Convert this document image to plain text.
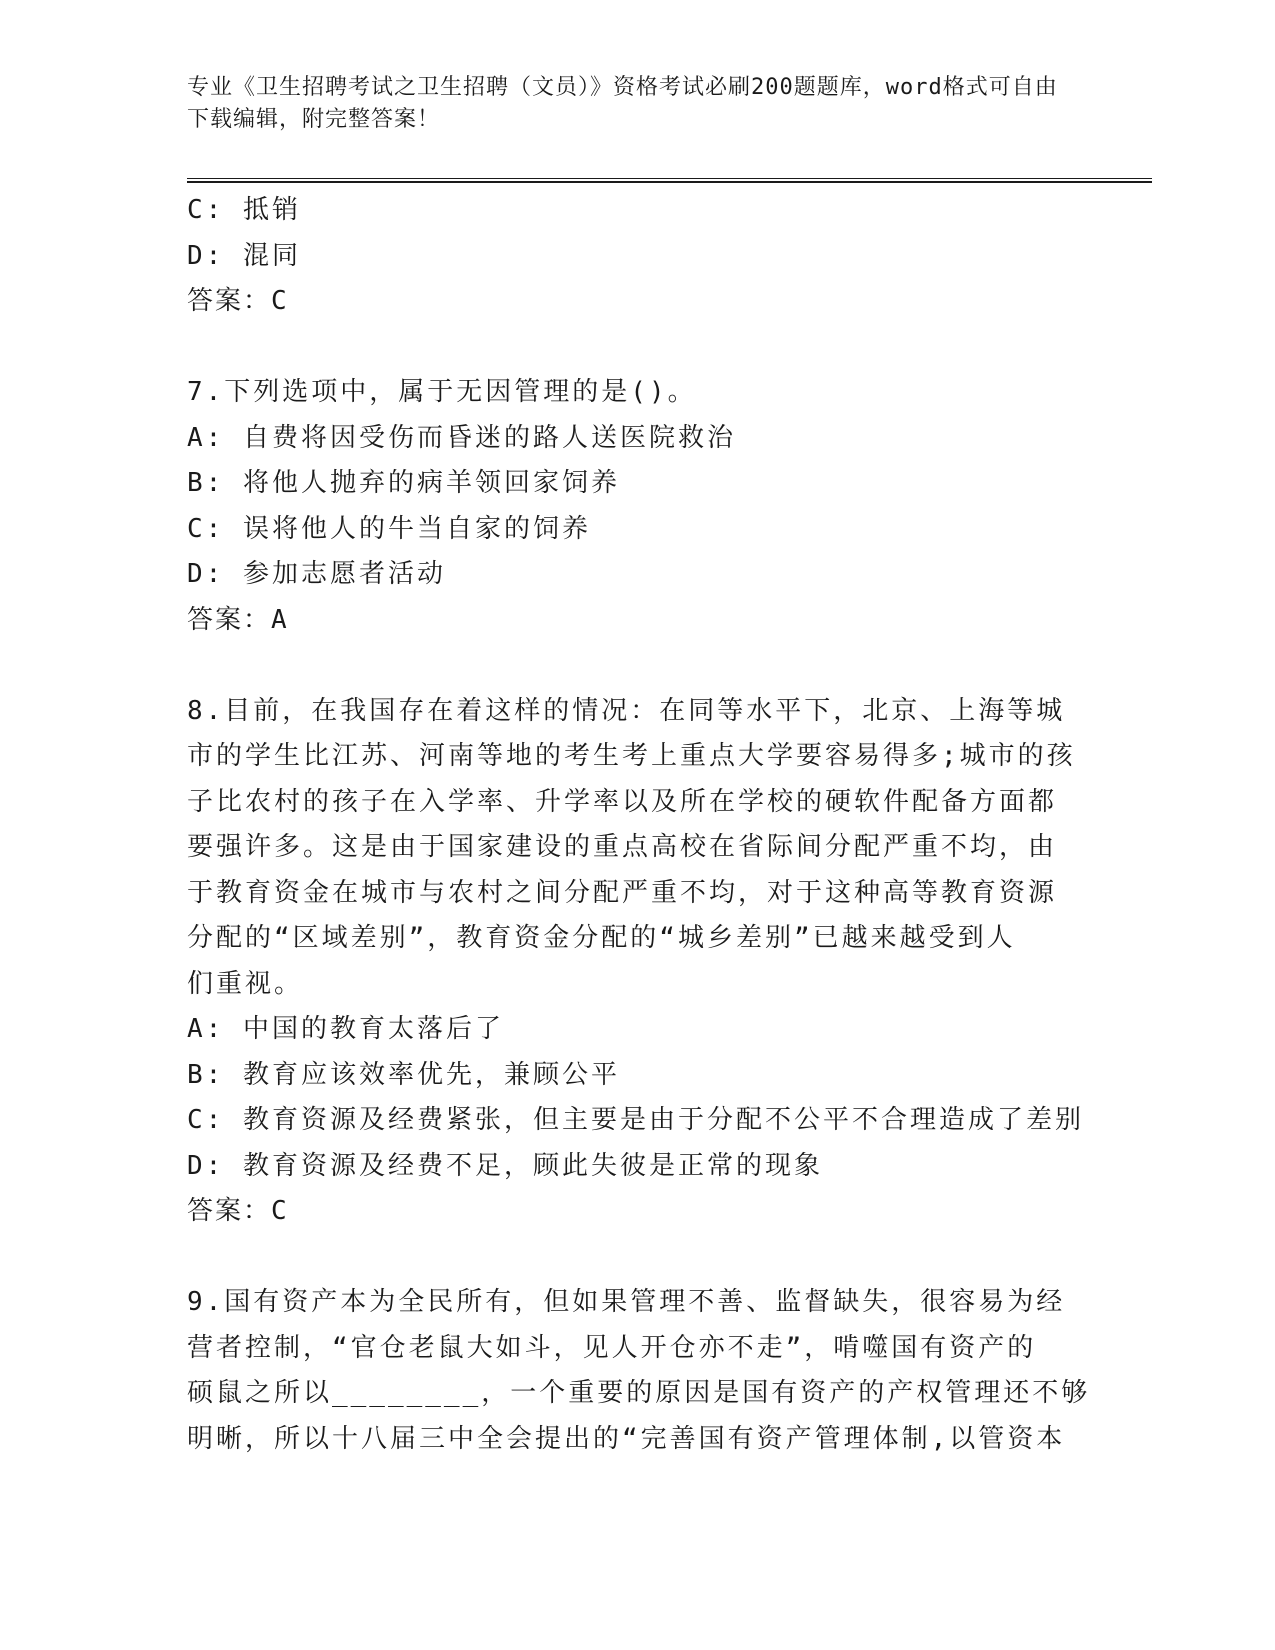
专业《卫生招聘考试之卫生招聘（文员）》资格考试必刷200题题库，word格式可自由下载编辑，附完整答案！
C: 抵销
D: 混同
答案：C
7.下列选项中，属于无因管理的是()。
A: 自费将因受伤而昏迷的路人送医院救治
B: 将他人抛弃的病羊领回家饲养
C: 误将他人的牛当自家的饲养
D: 参加志愿者活动
答案：A
8.目前，在我国存在着这样的情况：在同等水平下，北京、上海等城
市的学生比江苏、河南等地的考生考上重点大学要容易得多;城市的孩
子比农村的孩子在入学率、升学率以及所在学校的硬软件配备方面都
要强许多。这是由于国家建设的重点高校在省际间分配严重不均，由
于教育资金在城市与农村之间分配严重不均，对于这种高等教育资源
分配的“区域差别”，教育资金分配的“城乡差别”已越来越受到人
们重视。
A: 中国的教育太落后了
B: 教育应该效率优先，兼顾公平
C: 教育资源及经费紧张，但主要是由于分配不公平不合理造成了差别
D: 教育资源及经费不足，顾此失彼是正常的现象
答案：C
9.国有资产本为全民所有，但如果管理不善、监督缺失，很容易为经
营者控制，“官仓老鼠大如斗，见人开仓亦不走”，啃噬国有资产的
硕鼠之所以________，一个重要的原因是国有资产的产权管理还不够
明晰，所以十八届三中全会提出的“完善国有资产管理体制,以管资本
